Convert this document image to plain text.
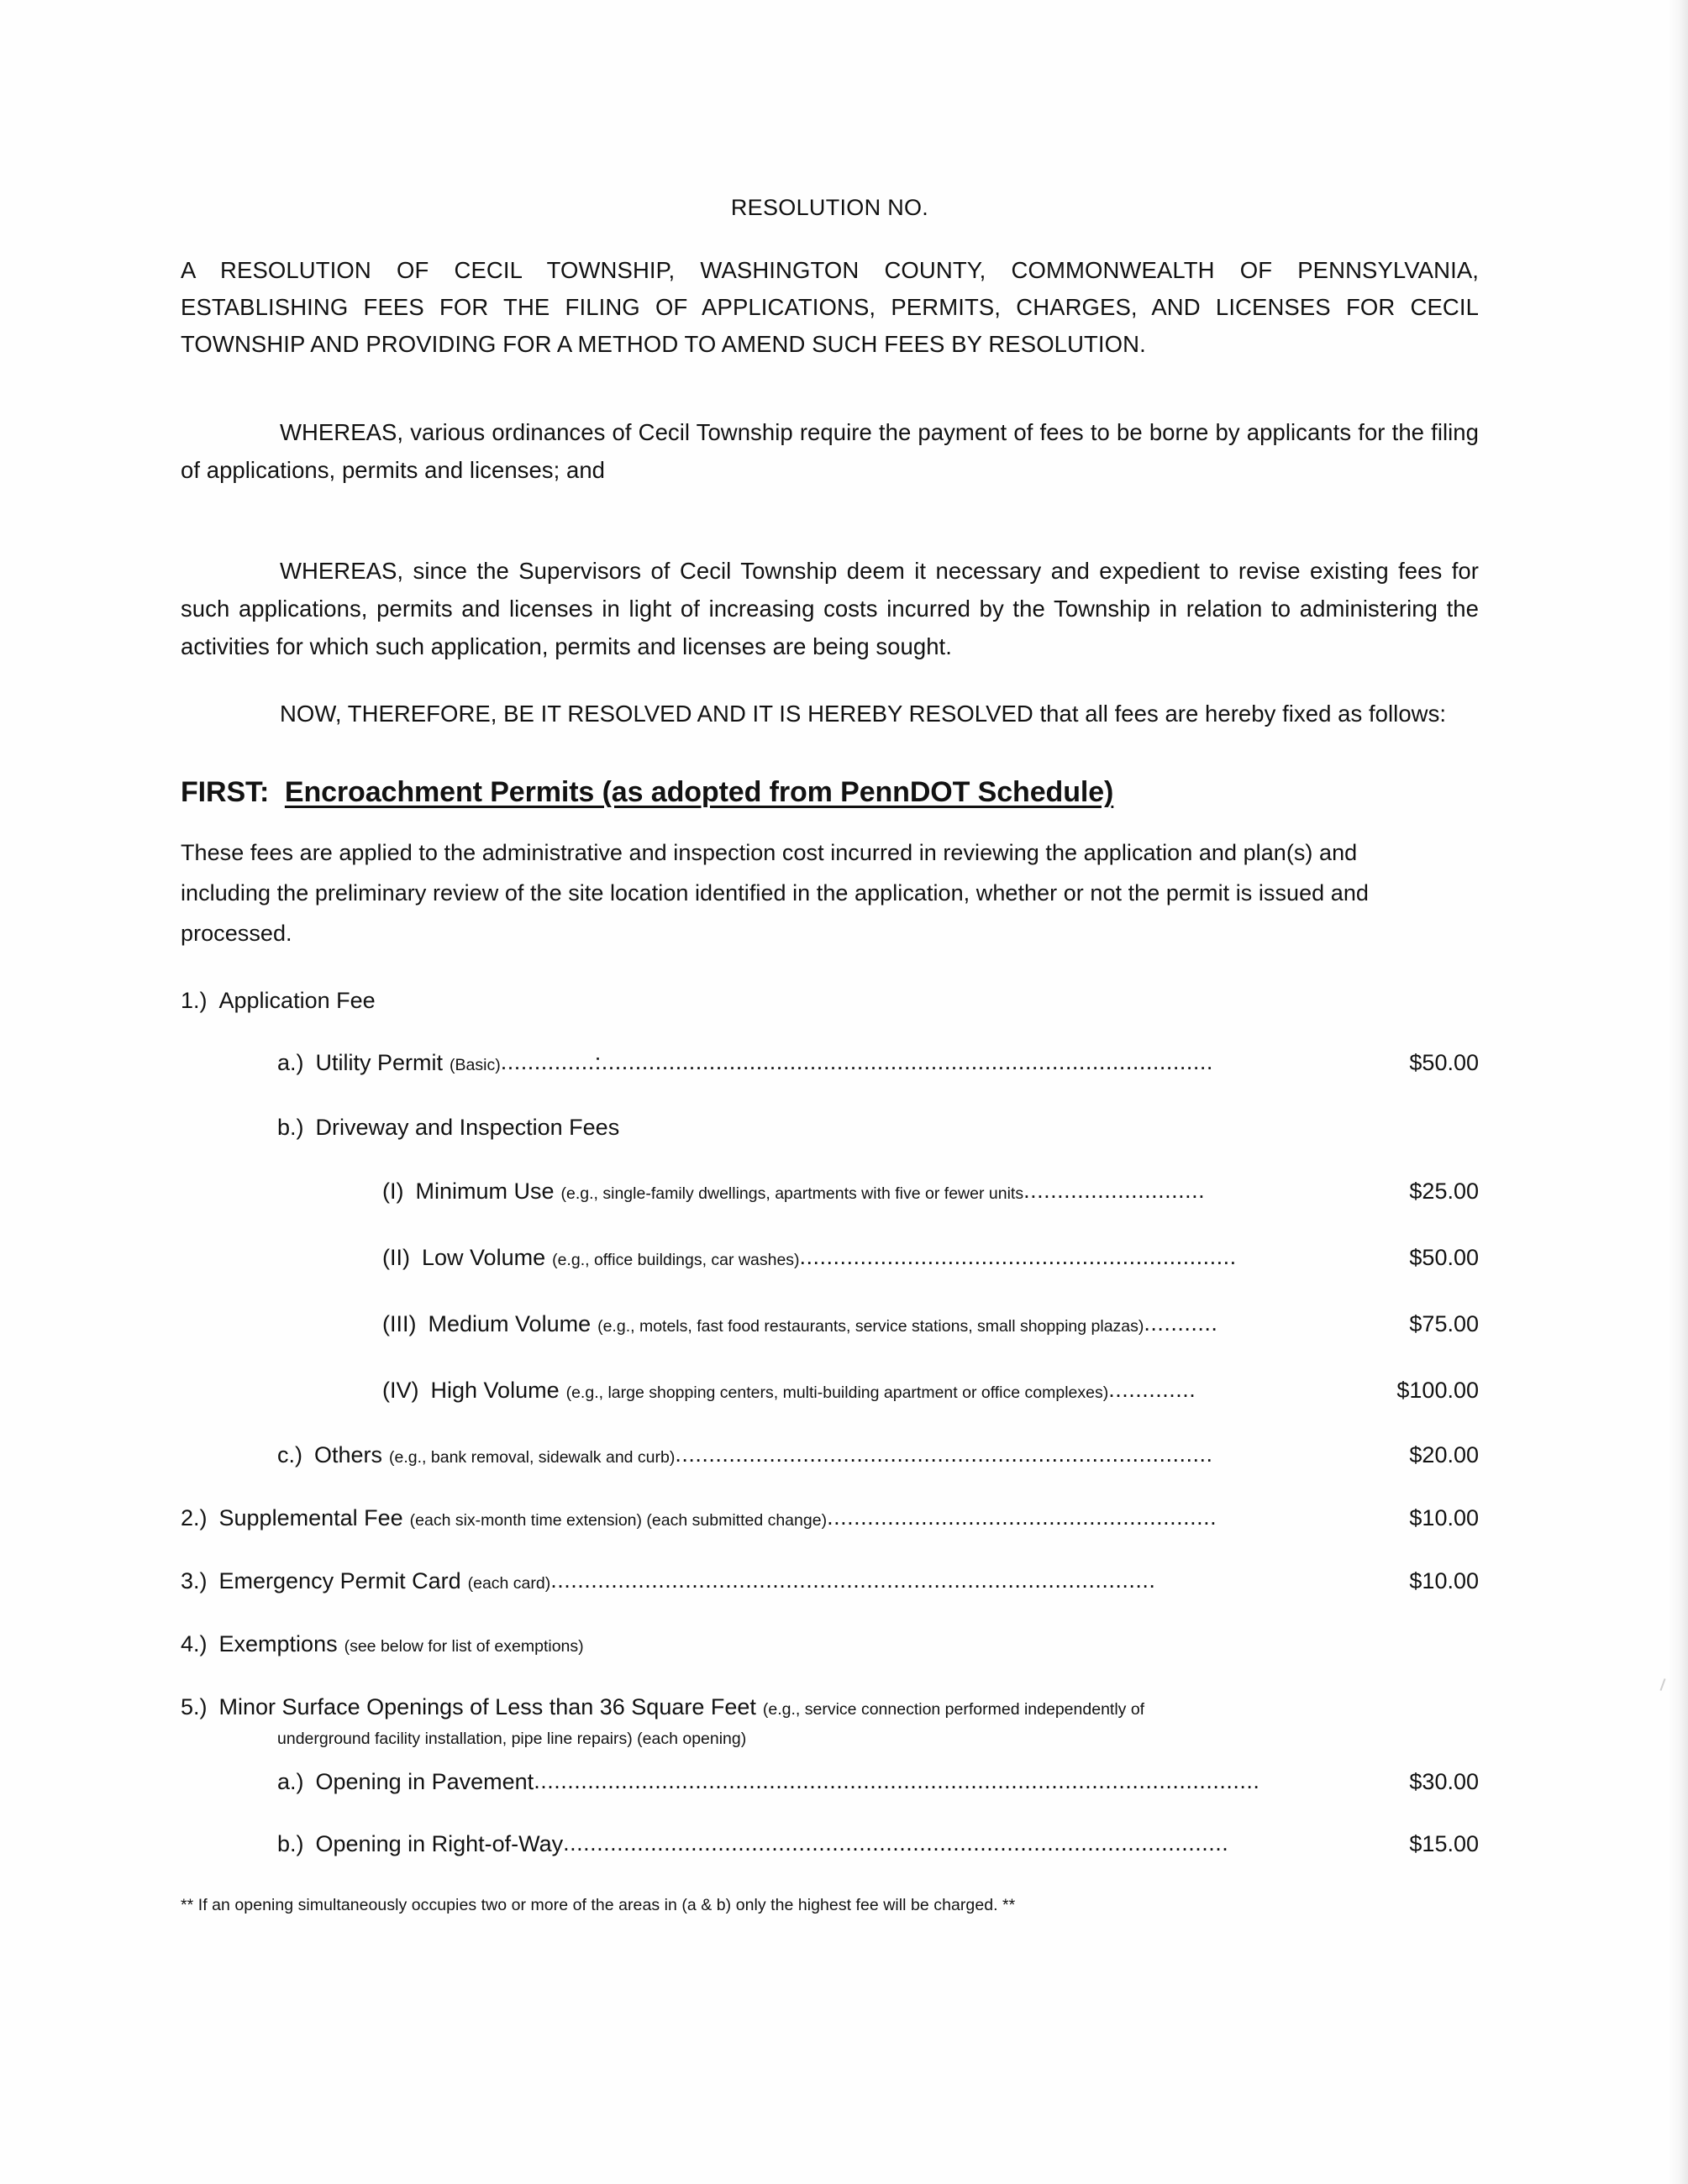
RESOLUTION NO.
A RESOLUTION OF CECIL TOWNSHIP, WASHINGTON COUNTY, COMMONWEALTH OF PENNSYLVANIA, ESTABLISHING FEES FOR THE FILING OF APPLICATIONS, PERMITS, CHARGES, AND LICENSES FOR CECIL TOWNSHIP AND PROVIDING FOR A METHOD TO AMEND SUCH FEES BY RESOLUTION.
WHEREAS, various ordinances of Cecil Township require the payment of fees to be borne by applicants for the filing of applications, permits and licenses; and
WHEREAS, since the Supervisors of Cecil Township deem it necessary and expedient to revise existing fees for such applications, permits and licenses in light of increasing costs incurred by the Township in relation to administering the activities for which such application, permits and licenses are being sought.
NOW, THEREFORE, BE IT RESOLVED AND IT IS HEREBY RESOLVED that all fees are hereby fixed as follows:
FIRST: Encroachment Permits (as adopted from PennDOT Schedule)
These fees are applied to the administrative and inspection cost incurred in reviewing the application and plan(s) and including the preliminary review of the site location identified in the application, whether or not the permit is issued and processed.
1.) Application Fee
a.) Utility Permit (Basic) ..............:...........................................................................................	$50.00
b.) Driveway and Inspection Fees
(I) Minimum Use (e.g., single-family dwellings, apartments with five or fewer units ...........................	$25.00
(II) Low Volume (e.g., office buildings, car washes) .................................................................	$50.00
(III) Medium Volume (e.g., motels, fast food restaurants, service stations, small shopping plazas) ...........	$75.00
(IV) High Volume (e.g., large shopping centers, multi-building apartment or office complexes) .............	$100.00
c.) Others (e.g., bank removal, sidewalk and curb) ................................................................................	$20.00
2.) Supplemental Fee (each six-month time extension) (each submitted change) ..........................................................	$10.00
3.) Emergency Permit Card (each card) ..........................................................................................	$10.00
4.) Exemptions (see below for list of exemptions)
5.) Minor Surface Openings of Less than 36 Square Feet (e.g., service connection performed independently of
underground facility installation, pipe line repairs) (each opening)
a.) Opening in Pavement ............................................................................................................	$30.00
b.) Opening in Right-of-Way ...................................................................................................	$15.00
** If an opening simultaneously occupies two or more of the areas in (a & b) only the highest fee will be charged. **
